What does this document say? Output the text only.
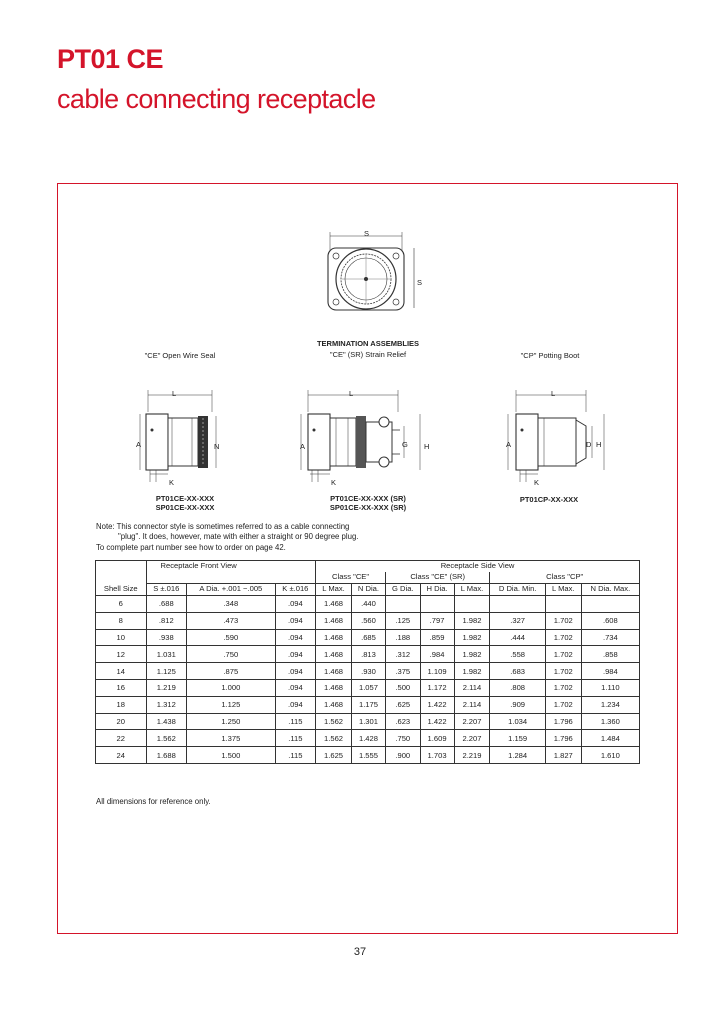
PT01 CE
cable connecting receptacle
S
S
TERMINATION ASSEMBLIES
"CE" Open Wire Seal	"CE" (SR) Strain Relief	"CP" Potting Boot
L
A	N
K
PT01CE-XX-XXX
SP01CE-XX-XXX
L
A	G H
K
PT01CE-XX-XXX (SR)
SP01CE-XX-XXX (SR)
L
A	D H
K
PT01CP-XX-XXX
Note: This connector style is sometimes referred to as a cable connecting
"plug". It does, however, mate with either a straight or 90 degree plug.
To complete part number see how to order on page 42.
	Receptacle Front View			Receptacle Side View							
				Class "CE"		Class "CE" (SR)			Class "CP"		
Shell Size	S ±.016	A Dia. +.001 −.005	K ±.016	L Max.	N Dia.	G Dia.	H Dia.	L Max.	D Dia. Min.	L Max.	N Dia. Max.
6	.688	.348	.094	1.468	.440						
8	.812	.473	.094	1.468	.560	.125	.797	1.982	.327	1.702	.608
10	.938	.590	.094	1.468	.685	.188	.859	1.982	.444	1.702	.734
12	1.031	.750	.094	1.468	.813	.312	.984	1.982	.558	1.702	.858
14	1.125	.875	.094	1.468	.930	.375	1.109	1.982	.683	1.702	.984
16	1.219	1.000	.094	1.468	1.057	.500	1.172	2.114	.808	1.702	1.110
18	1.312	1.125	.094	1.468	1.175	.625	1.422	2.114	.909	1.702	1.234
20	1.438	1.250	.115	1.562	1.301	.623	1.422	2.207	1.034	1.796	1.360
22	1.562	1.375	.115	1.562	1.428	.750	1.609	2.207	1.159	1.796	1.484
24	1.688	1.500	.115	1.625	1.555	.900	1.703	2.219	1.284	1.827	1.610
All dimensions for reference only.
37
